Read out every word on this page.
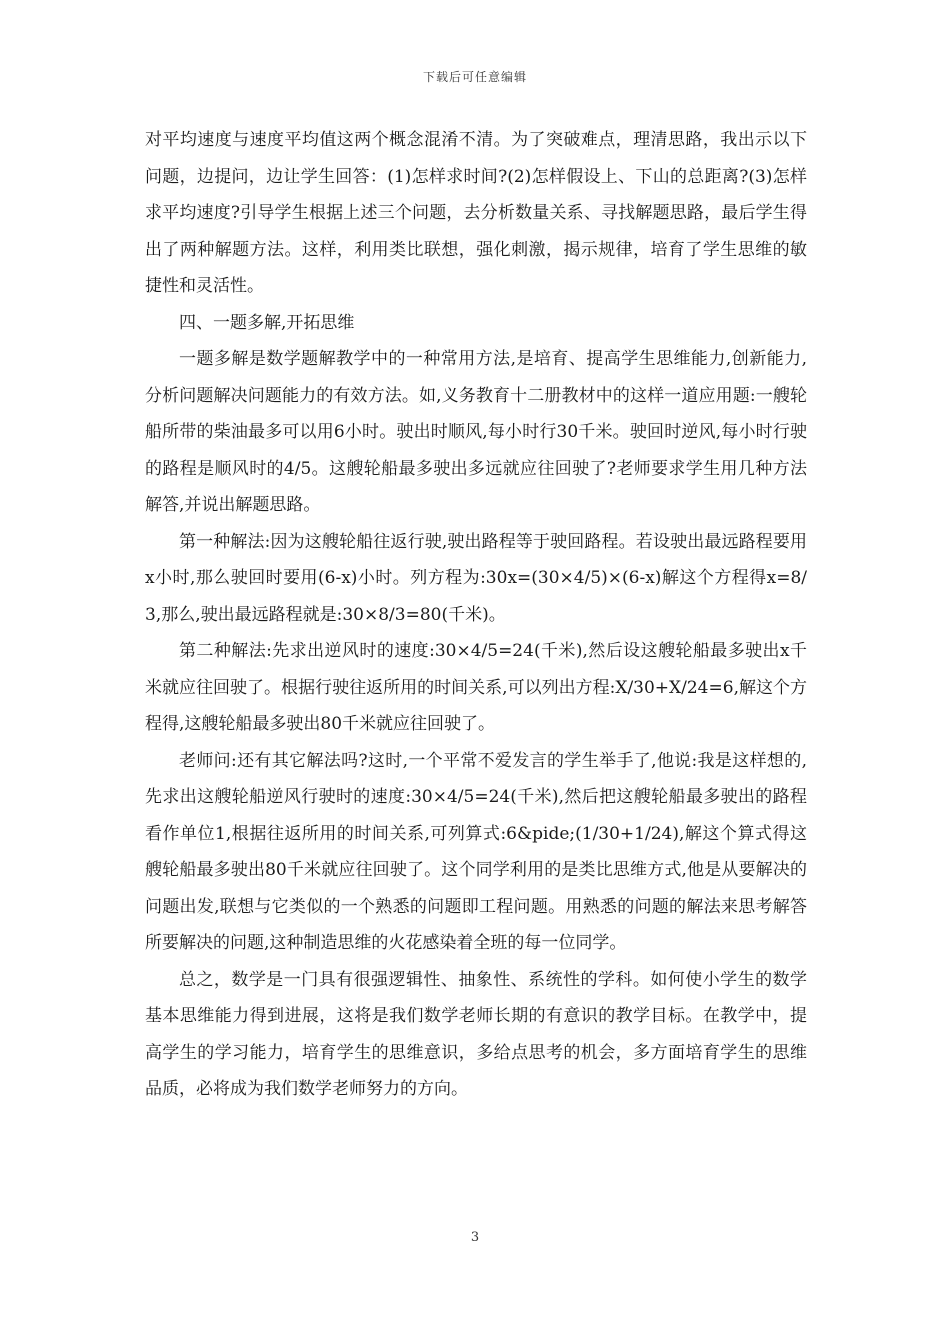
下载后可任意编辑

对平均速度与速度平均值这两个概念混淆不清。为了突破难点，理清思路，我出示以下问题，边提问，边让学生回答：(1)怎样求时间?(2)怎样假设上、下山的总距离?(3)怎样求平均速度?引导学生根据上述三个问题，去分析数量关系、寻找解题思路，最后学生得出了两种解题方法。这样，利用类比联想，强化刺激，揭示规律，培育了学生思维的敏捷性和灵活性。

四、一题多解,开拓思维

一题多解是数学题解教学中的一种常用方法,是培育、提高学生思维能力,创新能力,分析问题解决问题能力的有效方法。如,义务教育十二册教材中的这样一道应用题:一艘轮船所带的柴油最多可以用6小时。驶出时顺风,每小时行30千米。驶回时逆风,每小时行驶的路程是顺风时的4/5。这艘轮船最多驶出多远就应往回驶了?老师要求学生用几种方法解答,并说出解题思路。

第一种解法:因为这艘轮船往返行驶,驶出路程等于驶回路程。若设驶出最远路程要用x小时,那么驶回时要用(6-x)小时。列方程为:30x=(30×4/5)×(6-x)解这个方程得x=8/3,那么,驶出最远路程就是:30×8/3=80(千米)。

第二种解法:先求出逆风时的速度:30×4/5=24(千米),然后设这艘轮船最多驶出x千米就应往回驶了。根据行驶往返所用的时间关系,可以列出方程:X/30+X/24=6,解这个方程得,这艘轮船最多驶出80千米就应往回驶了。

老师问:还有其它解法吗?这时,一个平常不爱发言的学生举手了,他说:我是这样想的,先求出这艘轮船逆风行驶时的速度:30×4/5=24(千米),然后把这艘轮船最多驶出的路程看作单位1,根据往返所用的时间关系,可列算式:6&pide;(1/30+1/24),解这个算式得这艘轮船最多驶出80千米就应往回驶了。这个同学利用的是类比思维方式,他是从要解决的问题出发,联想与它类似的一个熟悉的问题即工程问题。用熟悉的问题的解法来思考解答所要解决的问题,这种制造思维的火花感染着全班的每一位同学。

总之，数学是一门具有很强逻辑性、抽象性、系统性的学科。如何使小学生的数学基本思维能力得到进展，这将是我们数学老师长期的有意识的教学目标。在教学中，提高学生的学习能力，培育学生的思维意识，多给点思考的机会，多方面培育学生的思维品质，必将成为我们数学老师努力的方向。

3
